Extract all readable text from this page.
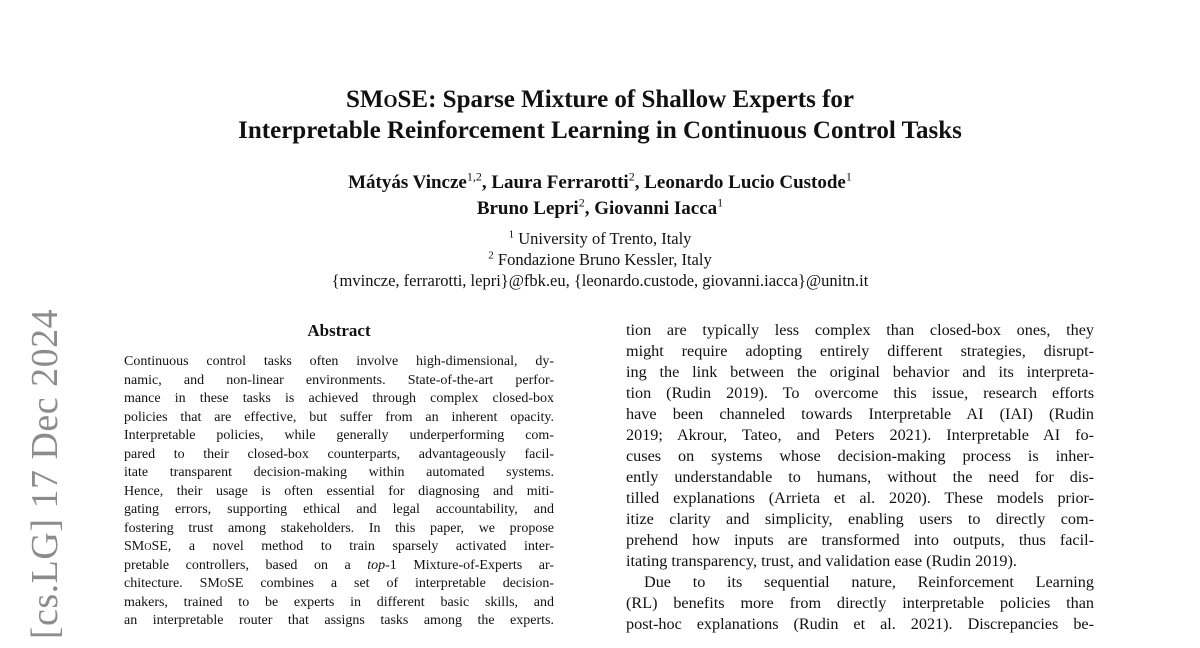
[cs.LG] 17 Dec 2024
SMoSE: Sparse Mixture of Shallow Experts for
Interpretable Reinforcement Learning in Continuous Control Tasks
Mátyás Vincze$^{1,2}$, Laura Ferrarotti$^2$, Leonardo Lucio Custode$^1$
Bruno Lepri$^2$, Giovanni Iacca$^1$
$^1$ University of Trento, Italy
$^2$ Fondazione Bruno Kessler, Italy
{mvincze, ferrarotti, lepri}@fbk.eu, {leonardo.custode, giovanni.iacca}@unitn.it
Abstract
Continuous control tasks often involve high-dimensional, dy-
namic, and non-linear environments. State-of-the-art perfor-
mance in these tasks is achieved through complex closed-box
policies that are effective, but suffer from an inherent opacity.
Interpretable policies, while generally underperforming com-
pared to their closed-box counterparts, advantageously facil-
itate transparent decision-making within automated systems.
Hence, their usage is often essential for diagnosing and miti-
gating errors, supporting ethical and legal accountability, and
fostering trust among stakeholders. In this paper, we propose
SMoSE, a novel method to train sparsely activated inter-
pretable controllers, based on a top-1 Mixture-of-Experts ar-
chitecture. SMoSE combines a set of interpretable decision-
makers, trained to be experts in different basic skills, and
an interpretable router that assigns tasks among the experts.
tion are typically less complex than closed-box ones, they
might require adopting entirely different strategies, disrupt-
ing the link between the original behavior and its interpreta-
tion (Rudin 2019). To overcome this issue, research efforts
have been channeled towards Interpretable AI (IAI) (Rudin
2019; Akrour, Tateo, and Peters 2021). Interpretable AI fo-
cuses on systems whose decision-making process is inher-
ently understandable to humans, without the need for dis-
tilled explanations (Arrieta et al. 2020). These models prior-
itize clarity and simplicity, enabling users to directly com-
prehend how inputs are transformed into outputs, thus facil-
itating transparency, trust, and validation ease (Rudin 2019).
Due to its sequential nature, Reinforcement Learning
(RL) benefits more from directly interpretable policies than
post-hoc explanations (Rudin et al. 2021). Discrepancies be-
